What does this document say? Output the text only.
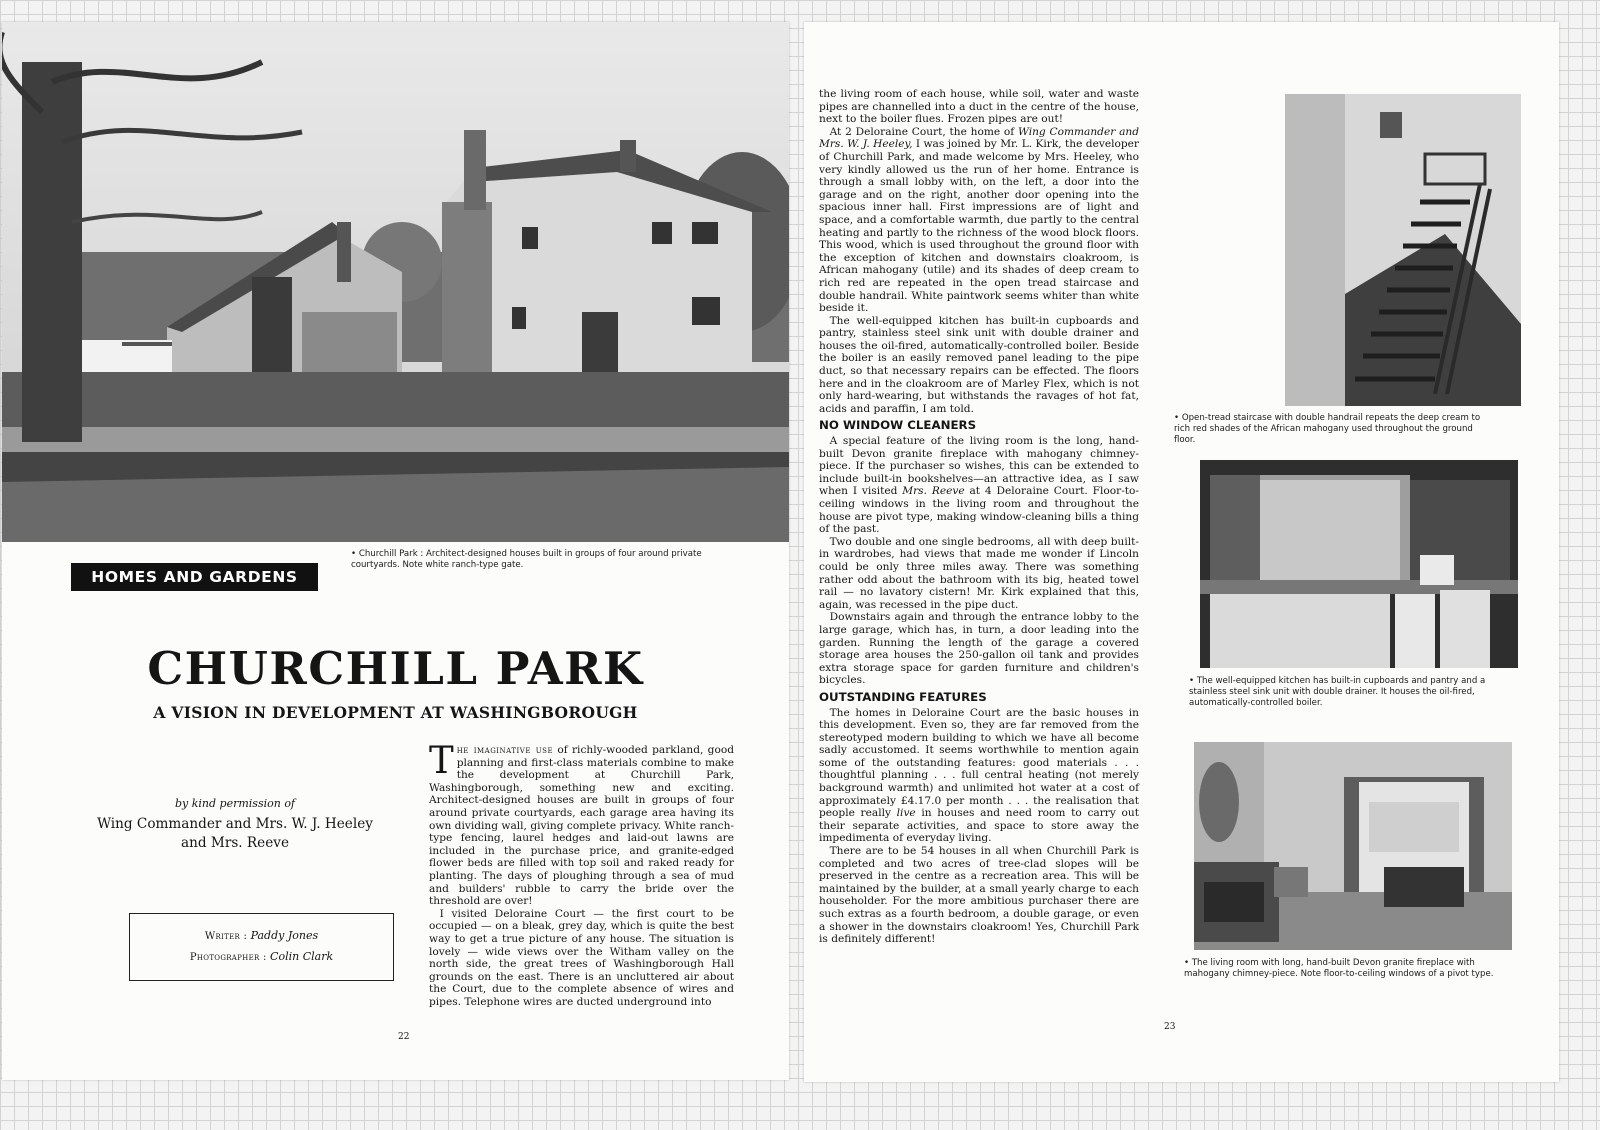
• Churchill Park : Architect-designed houses built in groups of four around private courtyards. Note white ranch-type gate.
HOMES AND GARDENS
CHURCHILL PARK
A VISION IN DEVELOPMENT AT WASHINGBOROUGH
by kind permission of
Wing Commander and Mrs. W. J. Heeley
and Mrs. Reeve
Writer : Paddy Jones
Photographer : Colin Clark

The imaginative use of richly-wooded parkland, good planning and first-class materials combine to make the development at Churchill Park, Washingborough, something new and exciting. Architect-designed houses are built in groups of four around private courtyards, each garage area having its own dividing wall, giving complete privacy. White ranch-type fencing, laurel hedges and laid-out lawns are included in the purchase price, and granite-edged flower beds are filled with top soil and raked ready for planting. The days of ploughing through a sea of mud and builders' rubble to carry the bride over the threshold are over!

I visited Deloraine Court — the first court to be occupied — on a bleak, grey day, which is quite the best way to get a true picture of any house. The situation is lovely — wide views over the Witham valley on the north side, the great trees of Washingborough Hall grounds on the east. There is an uncluttered air about the Court, due to the complete absence of wires and pipes. Telephone wires are ducted underground into

22

the living room of each house, while soil, water and waste pipes are channelled into a duct in the centre of the house, next to the boiler flues. Frozen pipes are out!

At 2 Deloraine Court, the home of Wing Commander and Mrs. W. J. Heeley, I was joined by Mr. L. Kirk, the developer of Churchill Park, and made welcome by Mrs. Heeley, who very kindly allowed us the run of her home. Entrance is through a small lobby with, on the left, a door into the garage and on the right, another door opening into the spacious inner hall. First impressions are of light and space, and a comfortable warmth, due partly to the central heating and partly to the richness of the wood block floors. This wood, which is used throughout the ground floor with the exception of kitchen and downstairs cloakroom, is African mahogany (utile) and its shades of deep cream to rich red are repeated in the open tread staircase and double handrail. White paintwork seems whiter than white beside it.

The well-equipped kitchen has built-in cupboards and pantry, stainless steel sink unit with double drainer and houses the oil-fired, automatically-controlled boiler. Beside the boiler is an easily removed panel leading to the pipe duct, so that necessary repairs can be effected. The floors here and in the cloakroom are of Marley Flex, which is not only hard-wearing, but withstands the ravages of hot fat, acids and paraffin, I am told.

NO WINDOW CLEANERS

A special feature of the living room is the long, hand-built Devon granite fireplace with mahogany chimney-piece. If the purchaser so wishes, this can be extended to include built-in bookshelves—an attractive idea, as I saw when I visited Mrs. Reeve at 4 Deloraine Court. Floor-to-ceiling windows in the living room and throughout the house are pivot type, making window-cleaning bills a thing of the past.

Two double and one single bedrooms, all with deep built-in wardrobes, had views that made me wonder if Lincoln could be only three miles away. There was something rather odd about the bathroom with its big, heated towel rail — no lavatory cistern! Mr. Kirk explained that this, again, was recessed in the pipe duct.

Downstairs again and through the entrance lobby to the large garage, which has, in turn, a door leading into the garden. Running the length of the garage a covered storage area houses the 250-gallon oil tank and provides extra storage space for garden furniture and children's bicycles.

OUTSTANDING FEATURES

The homes in Deloraine Court are the basic houses in this development. Even so, they are far removed from the stereotyped modern building to which we have all become sadly accustomed. It seems worthwhile to mention again some of the outstanding features: good materials . . . thoughtful planning . . . full central heating (not merely background warmth) and unlimited hot water at a cost of approximately £4.17.0 per month . . . the realisation that people really live in houses and need room to carry out their separate activities, and space to store away the impedimenta of everyday living.

There are to be 54 houses in all when Churchill Park is completed and two acres of tree-clad slopes will be preserved in the centre as a recreation area. This will be maintained by the builder, at a small yearly charge to each householder. For the more ambitious purchaser there are such extras as a fourth bedroom, a double garage, or even a shower in the downstairs cloakroom! Yes, Churchill Park is definitely different!

• Open-tread staircase with double handrail repeats the deep cream to rich red shades of the African mahogany used throughout the ground floor.
• The well-equipped kitchen has built-in cupboards and pantry and a stainless steel sink unit with double drainer. It houses the oil-fired, automatically-controlled boiler.
• The living room with long, hand-built Devon granite fireplace with mahogany chimney-piece. Note floor-to-ceiling windows of a pivot type.
23
